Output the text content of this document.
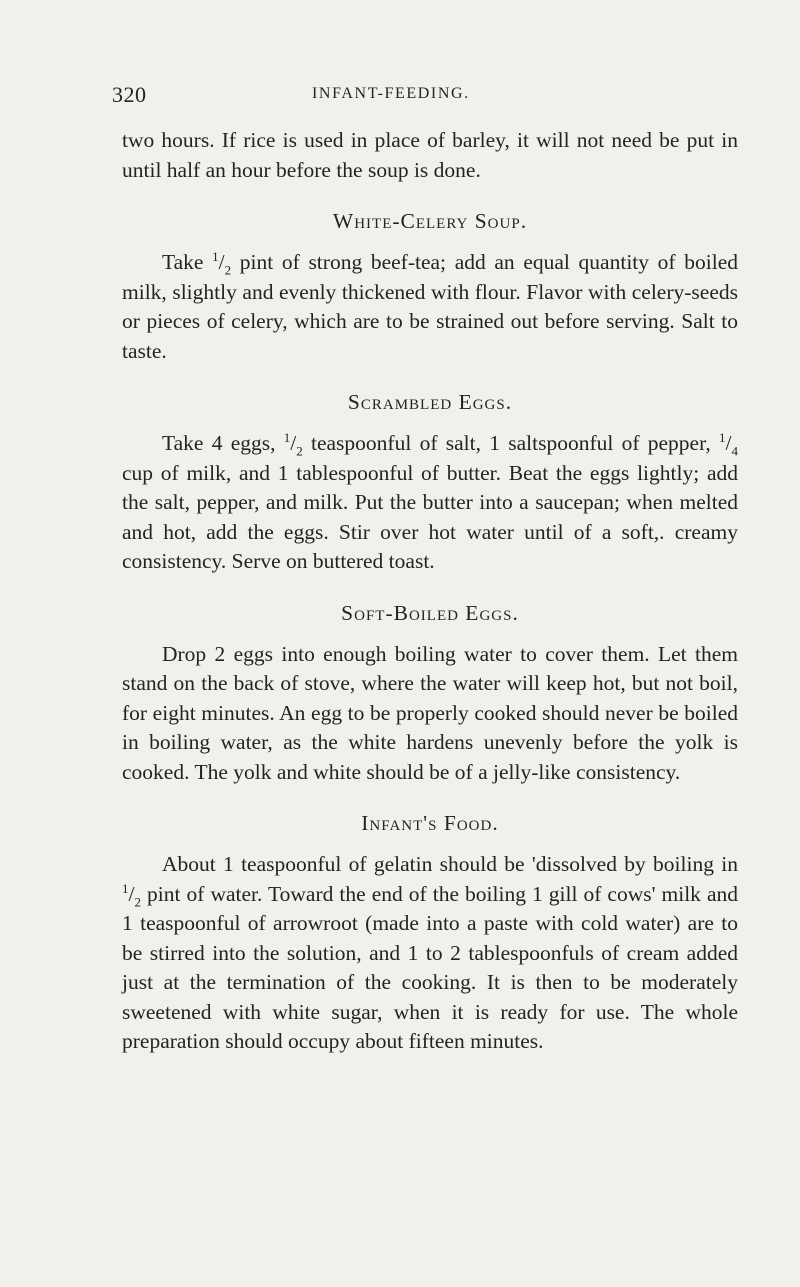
320	INFANT-FEEDING.

two hours. If rice is used in place of barley, it will not need be put in until half an hour before the soup is done.

White-Celery Soup.

Take $^1/_2$ pint of strong beef-tea; add an equal quantity of boiled milk, slightly and evenly thickened with flour. Flavor with celery-seeds or pieces of celery, which are to be strained out before serving. Salt to taste.

Scrambled Eggs.

Take 4 eggs, $^1/_2$ teaspoonful of salt, 1 saltspoonful of pepper, $^1/_4$ cup of milk, and 1 tablespoonful of butter. Beat the eggs lightly; add the salt, pepper, and milk. Put the butter into a saucepan; when melted and hot, add the eggs. Stir over hot water until of a soft,. creamy consistency. Serve on buttered toast.

Soft-Boiled Eggs.

Drop 2 eggs into enough boiling water to cover them. Let them stand on the back of stove, where the water will keep hot, but not boil, for eight minutes. An egg to be properly cooked should never be boiled in boiling water, as the white hardens unevenly before the yolk is cooked. The yolk and white should be of a jelly-like consistency.

Infant's Food.

About 1 teaspoonful of gelatin should be 'dissolved by boiling in $^1/_2$ pint of water. Toward the end of the boiling 1 gill of cows' milk and 1 teaspoonful of arrowroot (made into a paste with cold water) are to be stirred into the solution, and 1 to 2 tablespoonfuls of cream added just at the termination of the cooking. It is then to be moderately sweetened with white sugar, when it is ready for use. The whole preparation should occupy about fifteen minutes.
